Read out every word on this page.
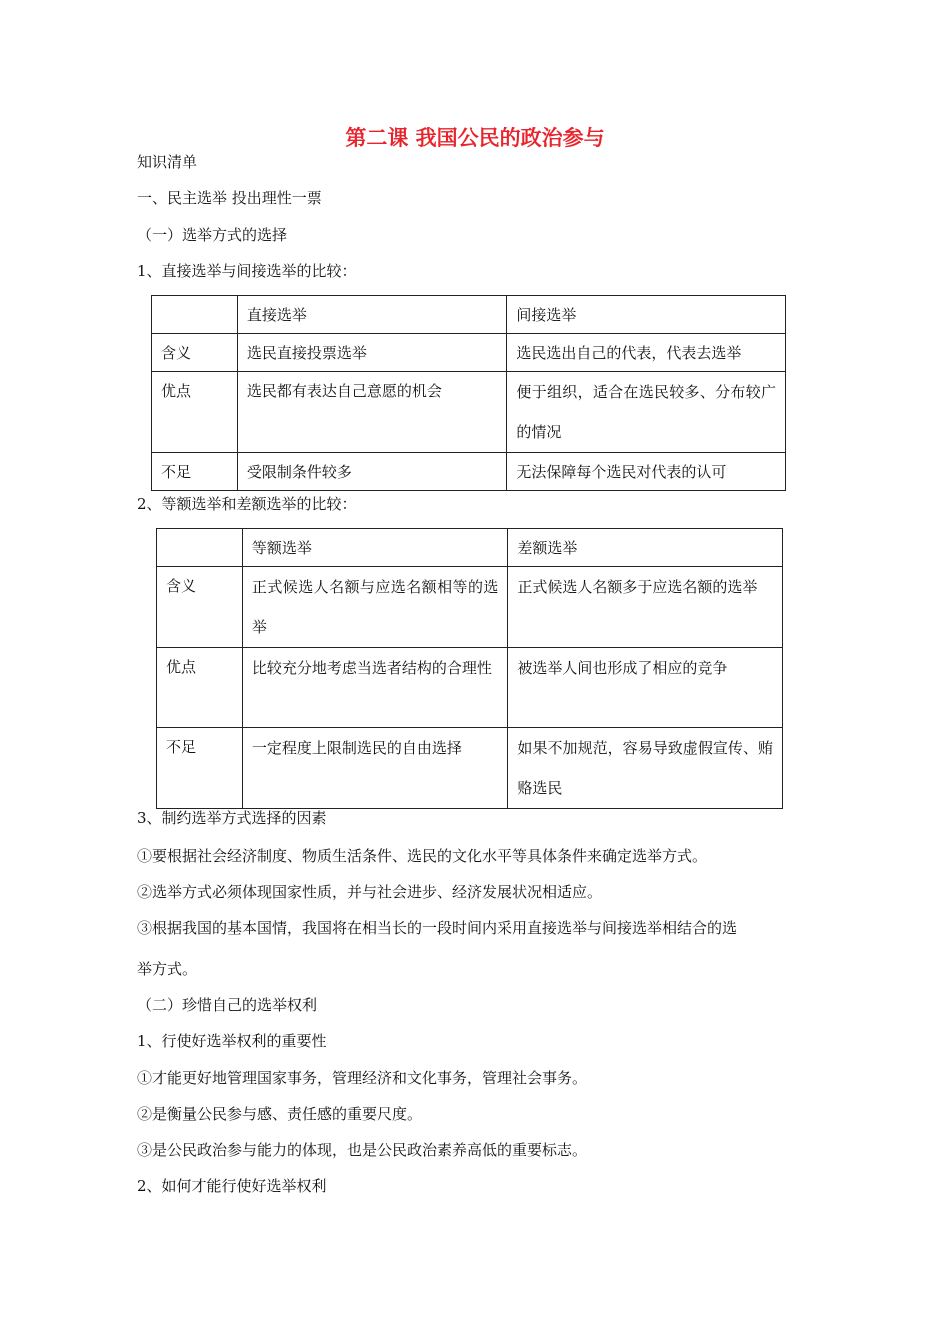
第二课 我国公民的政治参与
知识清单
一、民主选举 投出理性一票
（一）选举方式的选择
1、直接选举与间接选举的比较：
	直接选举	间接选举
含义	选民直接投票选举	选民选出自己的代表，代表去选举
优点	选民都有表达自己意愿的机会	便于组织，适合在选民较多、分布较广的情况
不足	受限制条件较多	无法保障每个选民对代表的认可
2、等额选举和差额选举的比较：
	等额选举	差额选举
含义	正式候选人名额与应选名额相等的选举	正式候选人名额多于应选名额的选举
优点	比较充分地考虑当选者结构的合理性	被选举人间也形成了相应的竞争
不足	一定程度上限制选民的自由选择	如果不加规范，容易导致虚假宣传、贿赂选民
3、制约选举方式选择的因素
①要根据社会经济制度、物质生活条件、选民的文化水平等具体条件来确定选举方式。
②选举方式必须体现国家性质，并与社会进步、经济发展状况相适应。
③根据我国的基本国情，我国将在相当长的一段时间内采用直接选举与间接选举相结合的选
举方式。
（二）珍惜自己的选举权利
1、行使好选举权利的重要性
①才能更好地管理国家事务，管理经济和文化事务，管理社会事务。
②是衡量公民参与感、责任感的重要尺度。
③是公民政治参与能力的体现，也是公民政治素养高低的重要标志。
2、如何才能行使好选举权利
